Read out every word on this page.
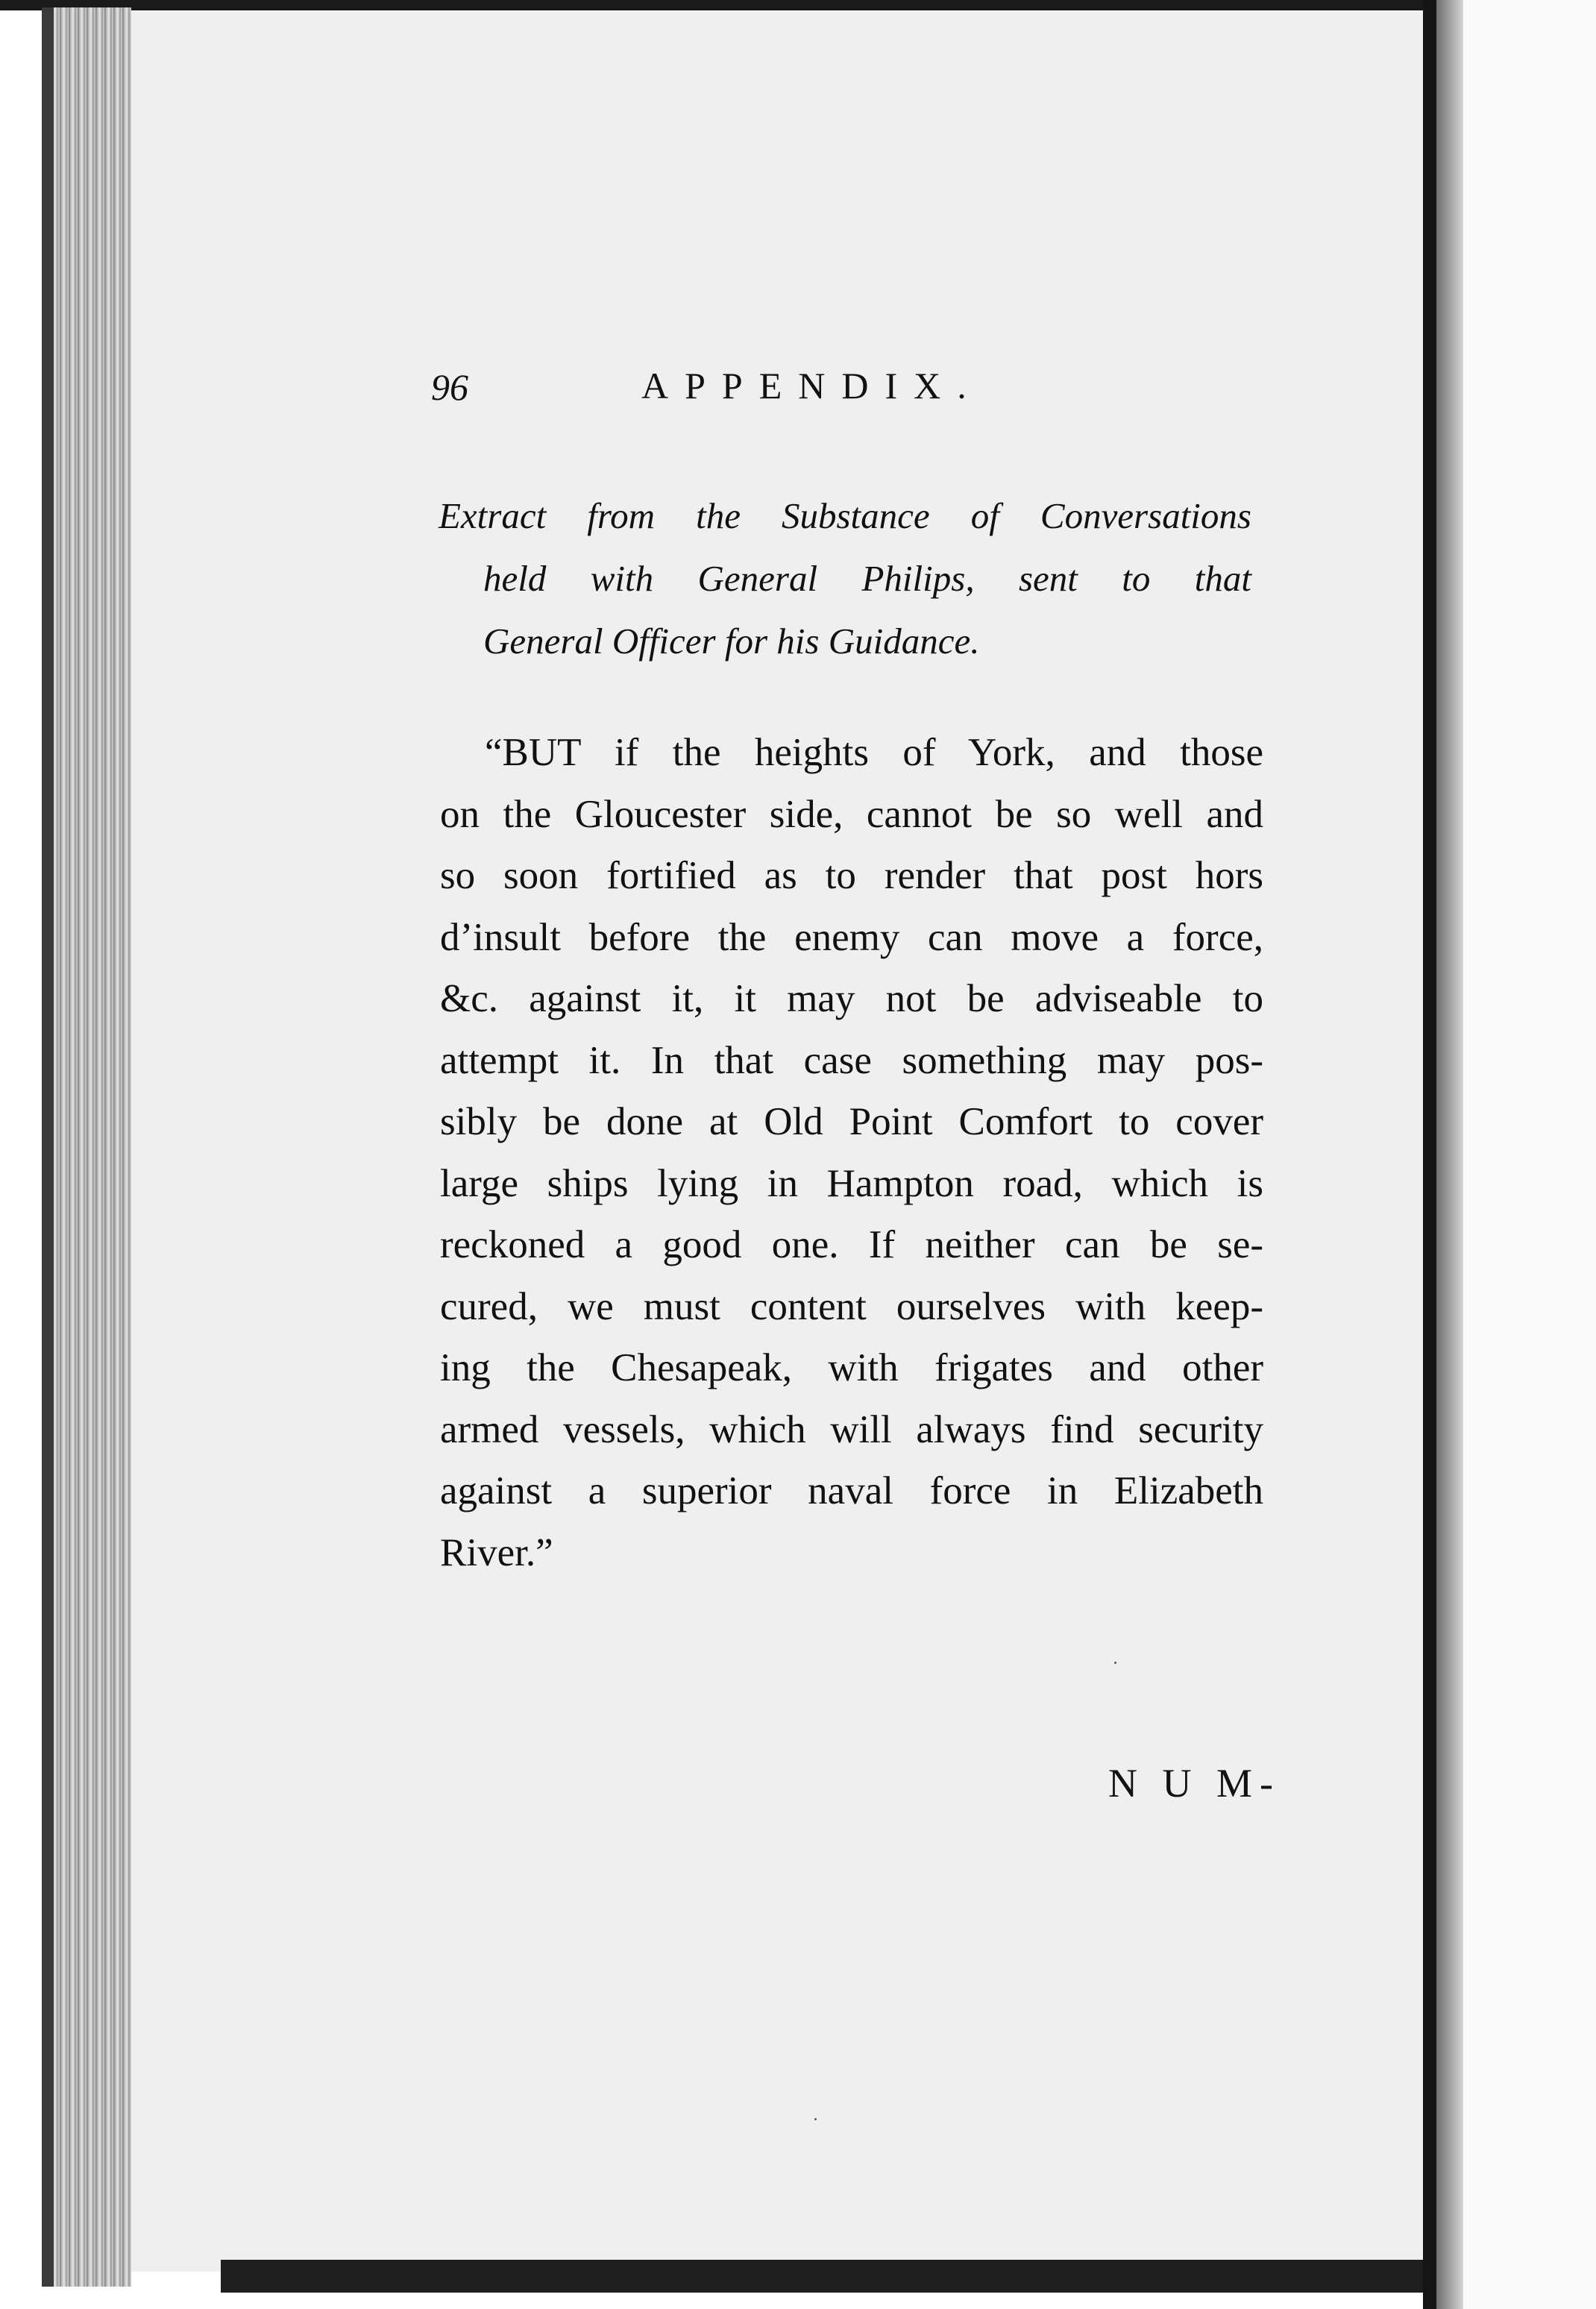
96	APPENDIX.
Extract from the Substance of Conversations
held with General Philips, sent to that
General Officer for his Guidance.
“BUT if the heights of York, and those
on the Gloucester side, cannot be so well and
so soon fortified as to render that post hors
d’insult before the enemy can move a force,
&c. against it, it may not be adviseable to
attempt it. In that case something may pos-
sibly be done at Old Point Comfort to cover
large ships lying in Hampton road, which is
reckoned a good one. If neither can be se-
cured, we must content ourselves with keep-
ing the Chesapeak, with frigates and other
armed vessels, which will always find security
against a superior naval force in Elizabeth
River.”
N U M-
